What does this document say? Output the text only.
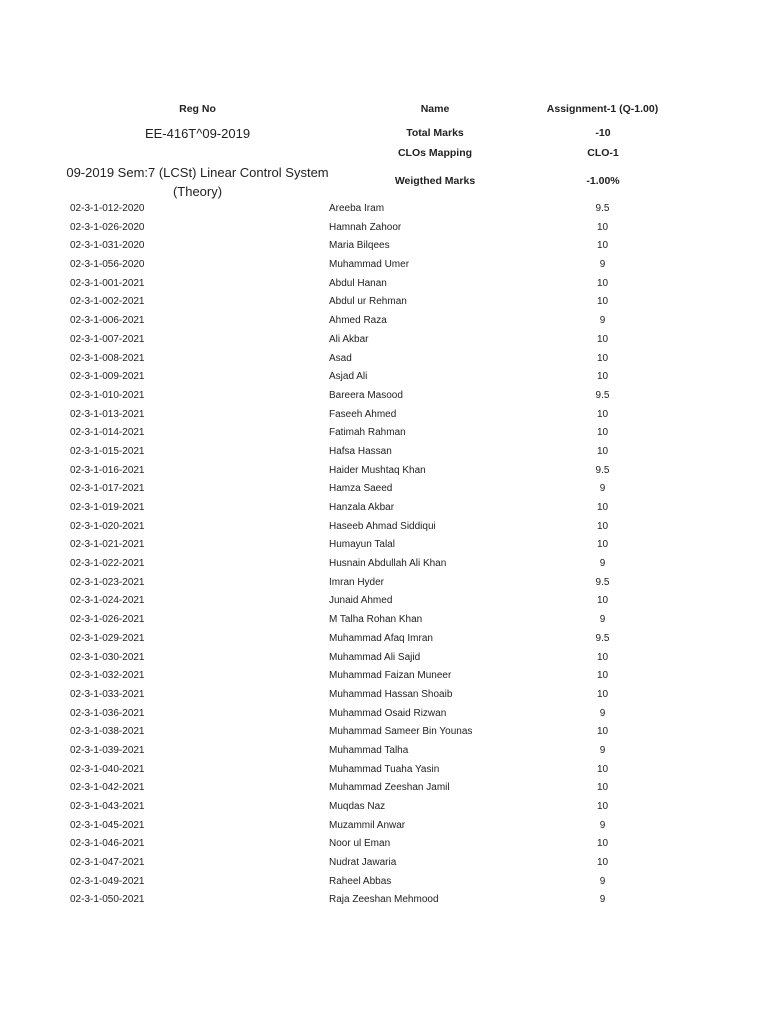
Reg No	Name	Assignment-1 (Q-1.00)
EE-416T^09-2019
09-2019 Sem:7 (LCSt) Linear Control System (Theory)
Total Marks	-10
CLOs Mapping	CLO-1
Weigthed Marks	-1.00%
02-3-1-012-2020	Areeba Iram	9.5
02-3-1-026-2020	Hamnah Zahoor	10
02-3-1-031-2020	Maria Bilqees	10
02-3-1-056-2020	Muhammad Umer	9
02-3-1-001-2021	Abdul Hanan	10
02-3-1-002-2021	Abdul ur Rehman	10
02-3-1-006-2021	Ahmed Raza	9
02-3-1-007-2021	Ali Akbar	10
02-3-1-008-2021	Asad	10
02-3-1-009-2021	Asjad Ali	10
02-3-1-010-2021	Bareera Masood	9.5
02-3-1-013-2021	Faseeh Ahmed	10
02-3-1-014-2021	Fatimah Rahman	10
02-3-1-015-2021	Hafsa Hassan	10
02-3-1-016-2021	Haider Mushtaq Khan	9.5
02-3-1-017-2021	Hamza Saeed	9
02-3-1-019-2021	Hanzala Akbar	10
02-3-1-020-2021	Haseeb Ahmad Siddiqui	10
02-3-1-021-2021	Humayun Talal	10
02-3-1-022-2021	Husnain Abdullah Ali Khan	9
02-3-1-023-2021	Imran Hyder	9.5
02-3-1-024-2021	Junaid Ahmed	10
02-3-1-026-2021	M Talha Rohan Khan	9
02-3-1-029-2021	Muhammad Afaq Imran	9.5
02-3-1-030-2021	Muhammad Ali Sajid	10
02-3-1-032-2021	Muhammad Faizan Muneer	10
02-3-1-033-2021	Muhammad Hassan Shoaib	10
02-3-1-036-2021	Muhammad Osaid Rizwan	9
02-3-1-038-2021	Muhammad Sameer Bin Younas	10
02-3-1-039-2021	Muhammad Talha	9
02-3-1-040-2021	Muhammad Tuaha Yasin	10
02-3-1-042-2021	Muhammad Zeeshan Jamil	10
02-3-1-043-2021	Muqdas Naz	10
02-3-1-045-2021	Muzammil Anwar	9
02-3-1-046-2021	Noor ul Eman	10
02-3-1-047-2021	Nudrat Jawaria	10
02-3-1-049-2021	Raheel Abbas	9
02-3-1-050-2021	Raja Zeeshan Mehmood	9
